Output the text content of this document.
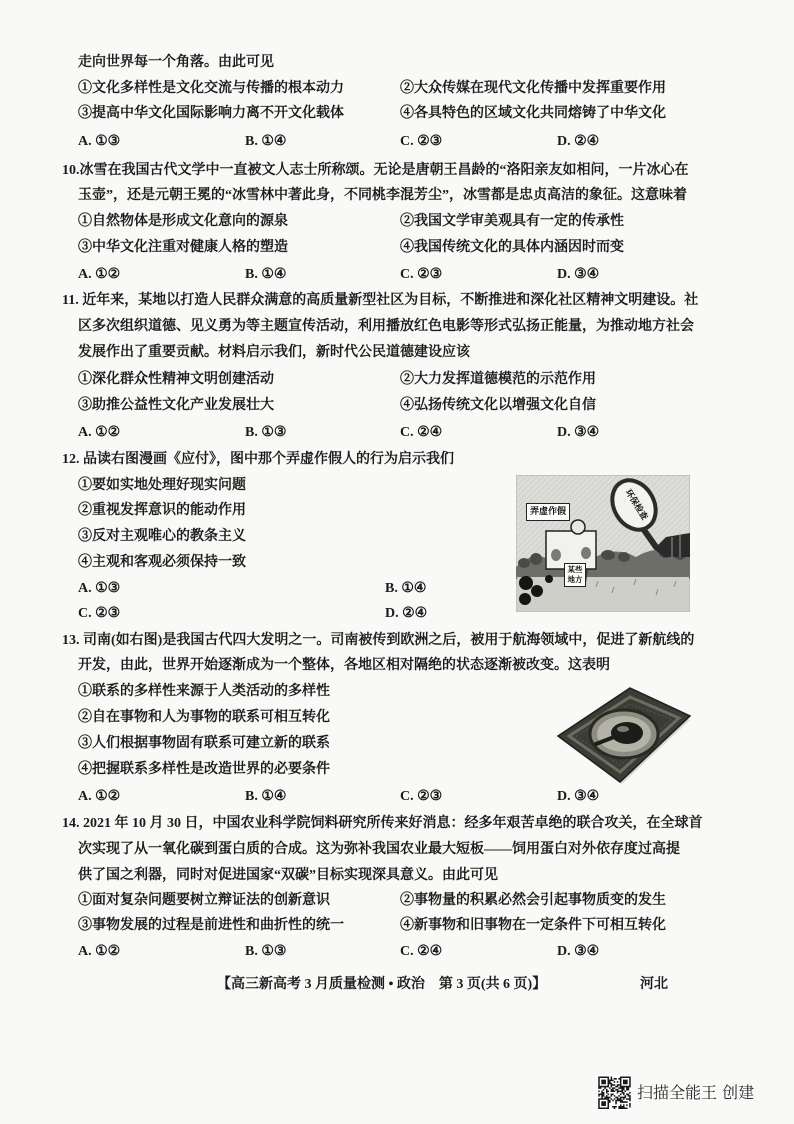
走向世界每一个角落。由此可见
①文化多样性是文化交流与传播的根本动力	②大众传媒在现代文化传播中发挥重要作用
③提高中华文化国际影响力离不开文化载体	④各具特色的区域文化共同熔铸了中华文化
A. ①③	B. ①④	C. ②③	D. ②④
10.冰雪在我国古代文学中一直被文人志士所称颂。无论是唐朝王昌龄的“洛阳亲友如相问，一片冰心在
玉壶”，还是元朝王冕的“冰雪林中著此身，不同桃李混芳尘”，冰雪都是忠贞高洁的象征。这意味着
①自然物体是形成文化意向的源泉	②我国文学审美观具有一定的传承性
③中华文化注重对健康人格的塑造	④我国传统文化的具体内涵因时而变
A. ①②	B. ①④	C. ②③	D. ③④
11. 近年来，某地以打造人民群众满意的高质量新型社区为目标，不断推进和深化社区精神文明建设。社
区多次组织道德、见义勇为等主题宣传活动，利用播放红色电影等形式弘扬正能量，为推动地方社会
发展作出了重要贡献。材料启示我们，新时代公民道德建设应该
①深化群众性精神文明创建活动	②大力发挥道德模范的示范作用
③助推公益性文化产业发展壮大	④弘扬传统文化以增强文化自信
A. ①②	B. ①③	C. ②④	D. ③④
12. 品读右图漫画《应付》，图中那个弄虚作假人的行为启示我们
①要如实地处理好现实问题
②重视发挥意识的能动作用
③反对主观唯心的教条主义
④主观和客观必须保持一致
A. ①③	B. ①④
C. ②③	D. ②④
弄虚作假	环保检查
某些地方
13. 司南(如右图)是我国古代四大发明之一。司南被传到欧洲之后，被用于航海领域中，促进了新航线的
开发，由此，世界开始逐渐成为一个整体，各地区相对隔绝的状态逐渐被改变。这表明
①联系的多样性来源于人类活动的多样性
②自在事物和人为事物的联系可相互转化
③人们根据事物固有联系可建立新的联系
④把握联系多样性是改造世界的必要条件
A. ①②	B. ①④	C. ②③	D. ③④
14. 2021 年 10 月 30 日，中国农业科学院饲料研究所传来好消息：经多年艰苦卓绝的联合攻关，在全球首
次实现了从一氧化碳到蛋白质的合成。这为弥补我国农业最大短板——饲用蛋白对外依存度过高提
供了国之利器，同时对促进国家“双碳”目标实现深具意义。由此可见
①面对复杂问题要树立辩证法的创新意识	②事物量的积累必然会引起事物质变的发生
③事物发展的过程是前进性和曲折性的统一	④新事物和旧事物在一定条件下可相互转化
A. ①②	B. ①③	C. ②④	D. ③④
【高三新高考 3 月质量检测 • 政治　第 3 页(共 6 页)】	河北
扫描全能王 创建
